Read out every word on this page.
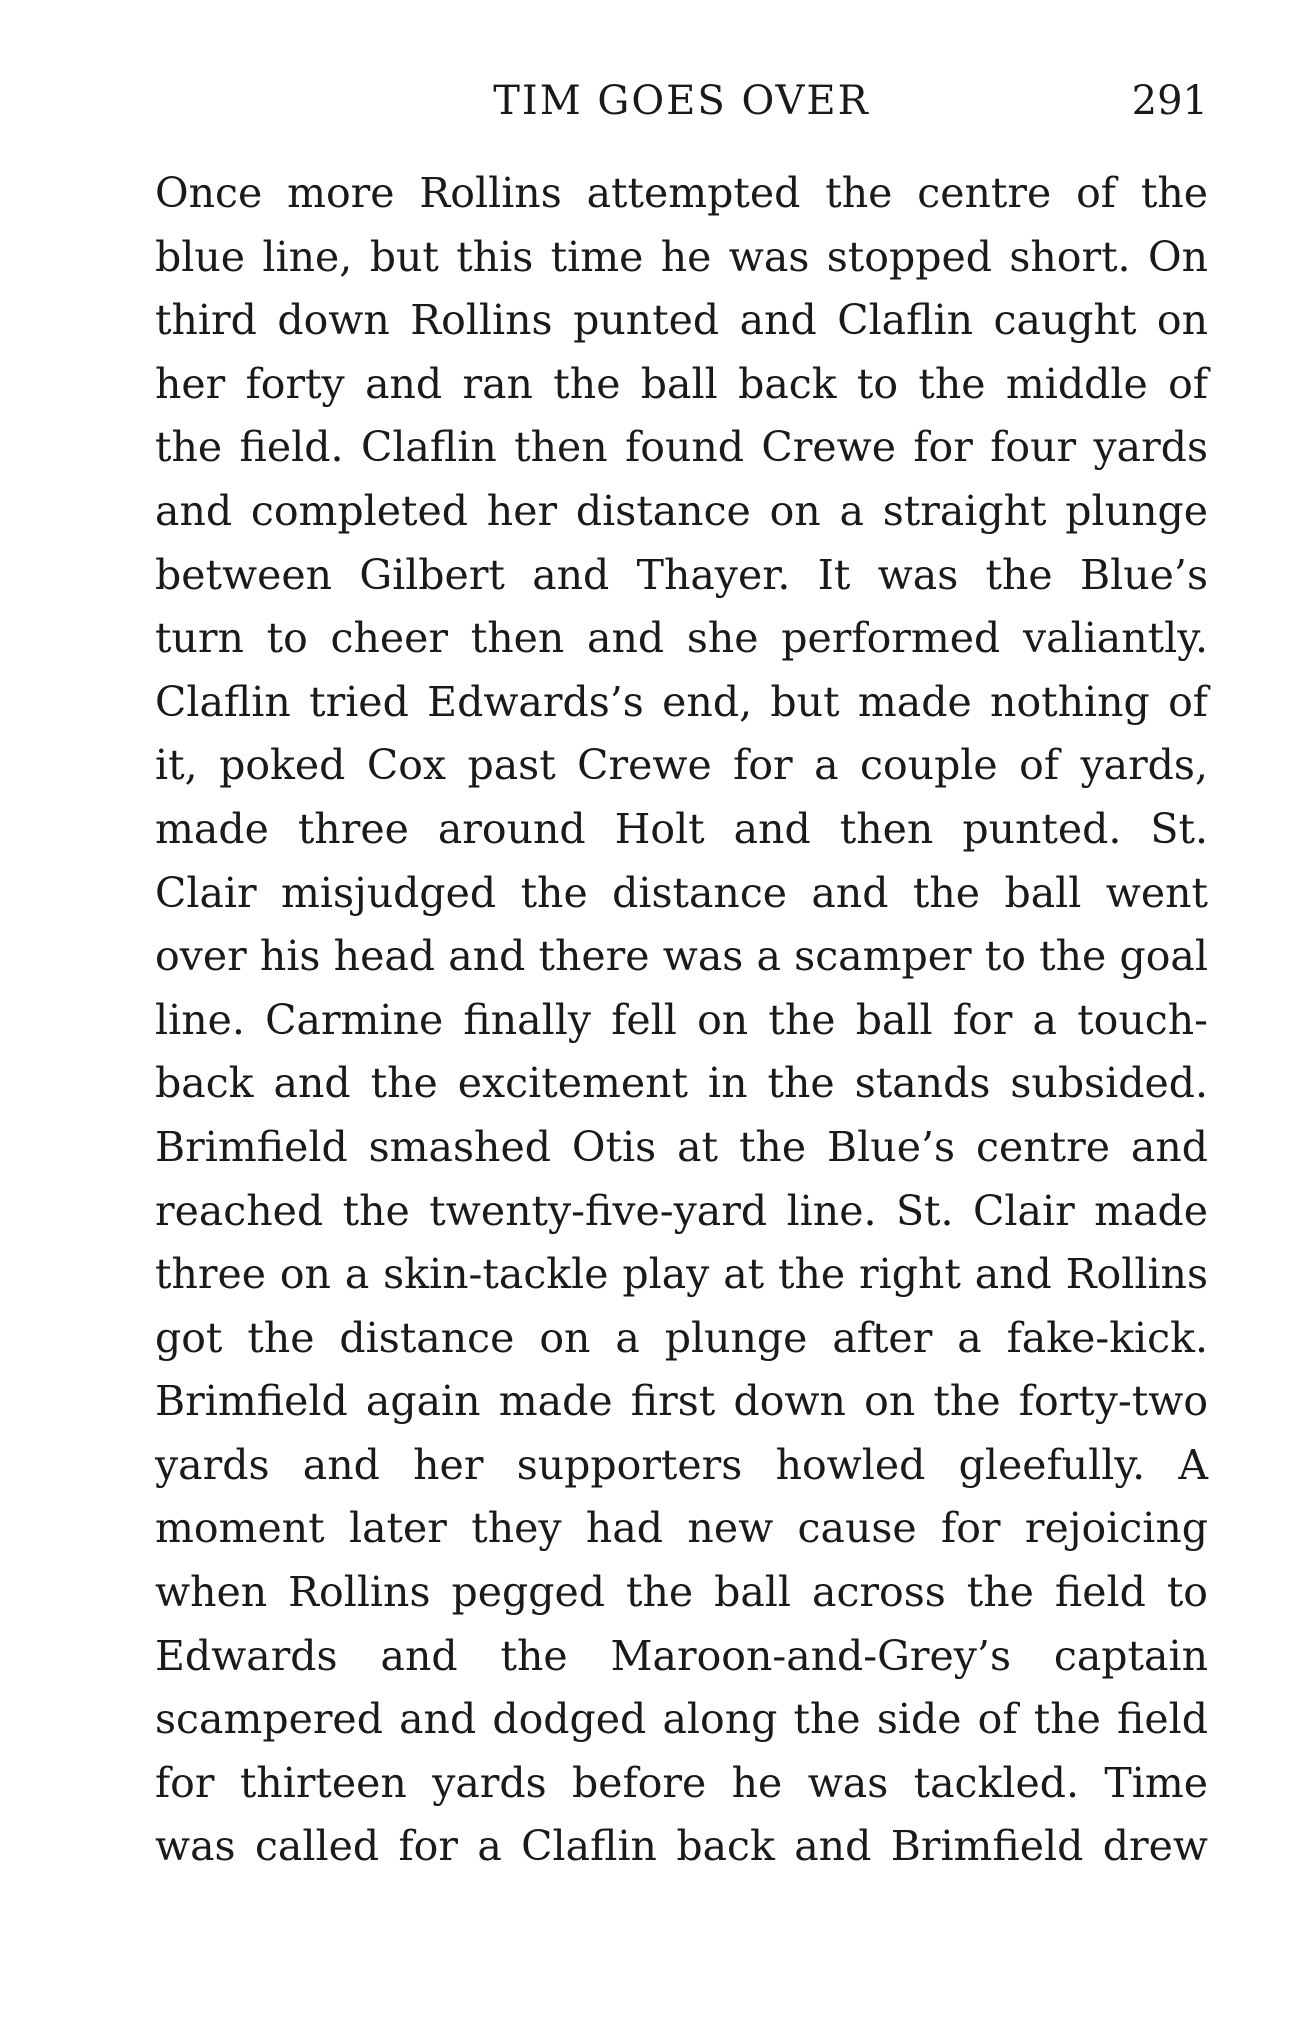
TIM GOES OVER	291
Once more Rollins attempted the centre of the
blue line, but this time he was stopped short. On
third down Rollins punted and Claflin caught on
her forty and ran the ball back to the middle of
the field. Claflin then found Crewe for four yards
and completed her distance on a straight plunge
between Gilbert and Thayer. It was the Blue’s
turn to cheer then and she performed valiantly.
Claflin tried Edwards’s end, but made nothing of
it, poked Cox past Crewe for a couple of yards,
made three around Holt and then punted. St.
Clair misjudged the distance and the ball went
over his head and there was a scamper to the goal
line. Carmine finally fell on the ball for a touch-
back and the excitement in the stands subsided.
Brimfield smashed Otis at the Blue’s centre and
reached the twenty-five-yard line. St. Clair made
three on a skin-tackle play at the right and Rollins
got the distance on a plunge after a fake-kick.
Brimfield again made first down on the forty-two
yards and her supporters howled gleefully. A
moment later they had new cause for rejoicing
when Rollins pegged the ball across the field to
Edwards and the Maroon-and-Grey’s captain
scampered and dodged along the side of the field
for thirteen yards before he was tackled. Time
was called for a Claflin back and Brimfield drew
